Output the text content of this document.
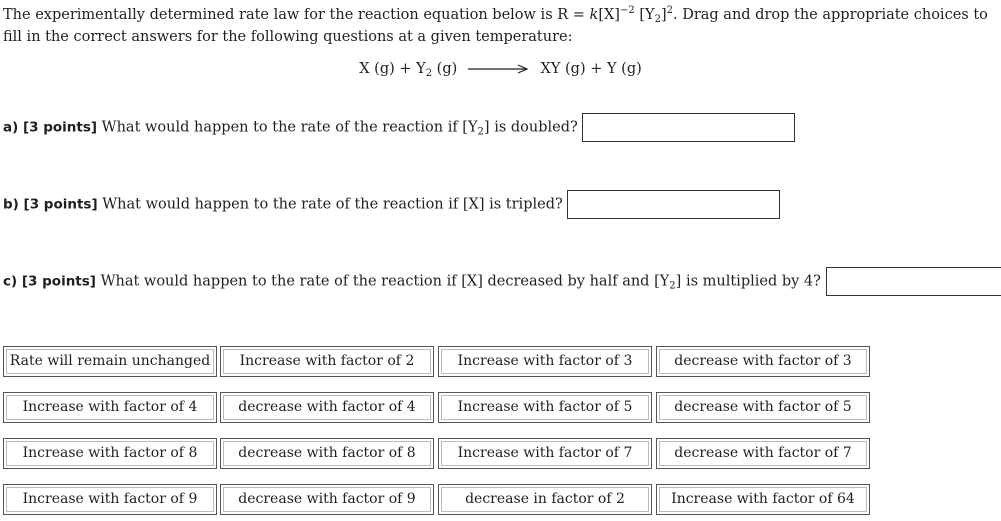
The experimentally determined rate law for the reaction equation below is $R = k[X]^{-2}$ $[Y_2]^2$. Drag and drop the appropriate choices to fill in the correct answers for the following questions at a given temperature:
X $(g) + Y_2$ (g)	XY (g) + Y (g)
a) [3 points] What would happen to the rate of the reaction if $[Y_2]$ is doubled?
b) [3 points] What would happen to the rate of the reaction if [X] is tripled?
c) [3 points] What would happen to the rate of the reaction if [X] decreased by half and $[Y_2]$ is multiplied by 4?
Rate will remain unchanged	Increase with factor of 2	Increase with factor of 3	decrease with factor of 3
Increase with factor of 4	decrease with factor of 4	Increase with factor of 5	decrease with factor of 5
Increase with factor of 8	decrease with factor of 8	Increase with factor of 7	decrease with factor of 7
Increase with factor of 9	decrease with factor of 9	decrease in factor of 2	Increase with factor of 64
